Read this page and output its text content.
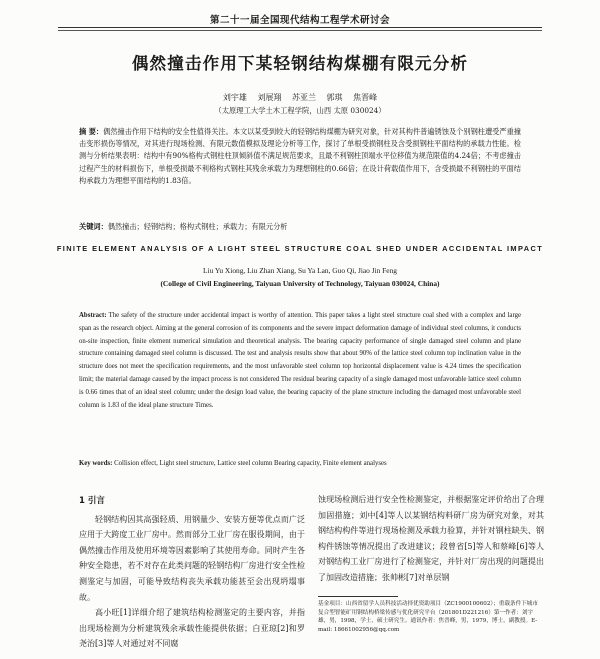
第二十一届全国现代结构工程学术研讨会
偶然撞击作用下某轻钢结构煤棚有限元分析
刘宇雄 刘展翔 苏亚兰 郭琪 焦晋峰
（太原理工大学土木工程学院，山西 太原 030024）
摘 要：偶然撞击作用下结构的安全性值得关注。本文以某受到较大的轻钢结构煤棚为研究对象，针对其构件普遍锈蚀及个别钢柱遭受严重撞击变形损伤等情况，对其进行现场检测、有限元数值模拟及理论分析等工作，探讨了单根受损钢柱及含受损钢柱平面结构的承载力性能。检测与分析结果表明：结构中有90%格构式钢柱柱顶倾斜值不满足规范要求，且最不利钢柱顶端水平位移值为规范限值的4.24倍；不考虑撞击过程产生的材料损伤下，单根受损最不利格构式钢柱其残余承载力为理想钢柱的0.66倍；在设计荷载值作用下，含受损最不利钢柱的平面结构承载力为理想平面结构的1.83倍。
关键词：偶然撞击；轻钢结构；格构式钢柱；承载力；有限元分析
FINITE ELEMENT ANALYSIS OF A LIGHT STEEL STRUCTURE COAL SHED UNDER ACCIDENTAL IMPACT
Liu Yu Xiong, Liu Zhan Xiang, Su Ya Lan, Guo Qi, Jiao Jin Feng
(College of Civil Engineering, Taiyuan University of Technology, Taiyuan 030024, China)
Abstract: The safety of the structure under accidental impact is worthy of attention. This paper takes a light steel structure coal shed with a complex and large span as the research object. Aiming at the general corrosion of its components and the severe impact deformation damage of individual steel columns, it conducts on-site inspection, finite element numerical simulation and theoretical analysis. The bearing capacity performance of single damaged steel column and plane structure containing damaged steel column is discussed. The test and analysis results show that about 90% of the lattice steel column top inclination value in the structure does not meet the specification requirements, and the most unfavorable steel column top horizontal displacement value is 4.24 times the specification limit; the material damage caused by the impact process is not considered The residual bearing capacity of a single damaged most unfavorable lattice steel column is 0.66 times that of an ideal steel column; under the design load value, the bearing capacity of the plane structure including the damaged most unfavorable steel column is 1.83 of the ideal plane structure Times.
Key words: Collision effect, Light steel structure, Lattice steel column Bearing capacity, Finite element analyses
1 引言

轻钢结构因其高强轻质、用钢量少、安装方便等优点而广泛应用于大跨度工业厂房中。然而部分工业厂房在服役期间，由于偶然撞击作用及使用环境等因素影响了其使用寿命。同时产生各种安全隐患，若不对存在此类问题的轻钢结构厂房进行安全性检测鉴定与加固，可能导致结构丧失承载功能甚至会出现坍塌事故。

高小旺[1]详细介绍了建筑结构检测鉴定的主要内容，并指出现场检测为分析建筑残余承载性能提供依据；白亚琼[2]和罗尧治[3]等人对通过对不同腐

蚀现场检测后进行安全性检测鉴定，并根据鉴定评价给出了合理加固措施；刘中[4]等人以某钢结构料研厂房为研究对象，对其钢结构构件等进行现场检测及承载力验算，并针对钢柱缺失、钢构件锈蚀等情况提出了改进建议；段曾省[5]等人和蔡峰[6]等人对钢结构工业厂房进行了检测鉴定，并针对厂房出现的问题提出了加固改造措施；张帅彬[7]对单层钢

基金项目：山西省留学人员科技活动择优资助项目（ZC1900100602）；重载条件下城市复合型智能矿用钢结构桥梁传感与优化研究平台（201801D221216）第一作者：刘宇雄，男，1998，学士，硕士研究生。通讯作者：焦晋峰，男，1979，博士，副教授。E-mail: 18661002956@qq.com
